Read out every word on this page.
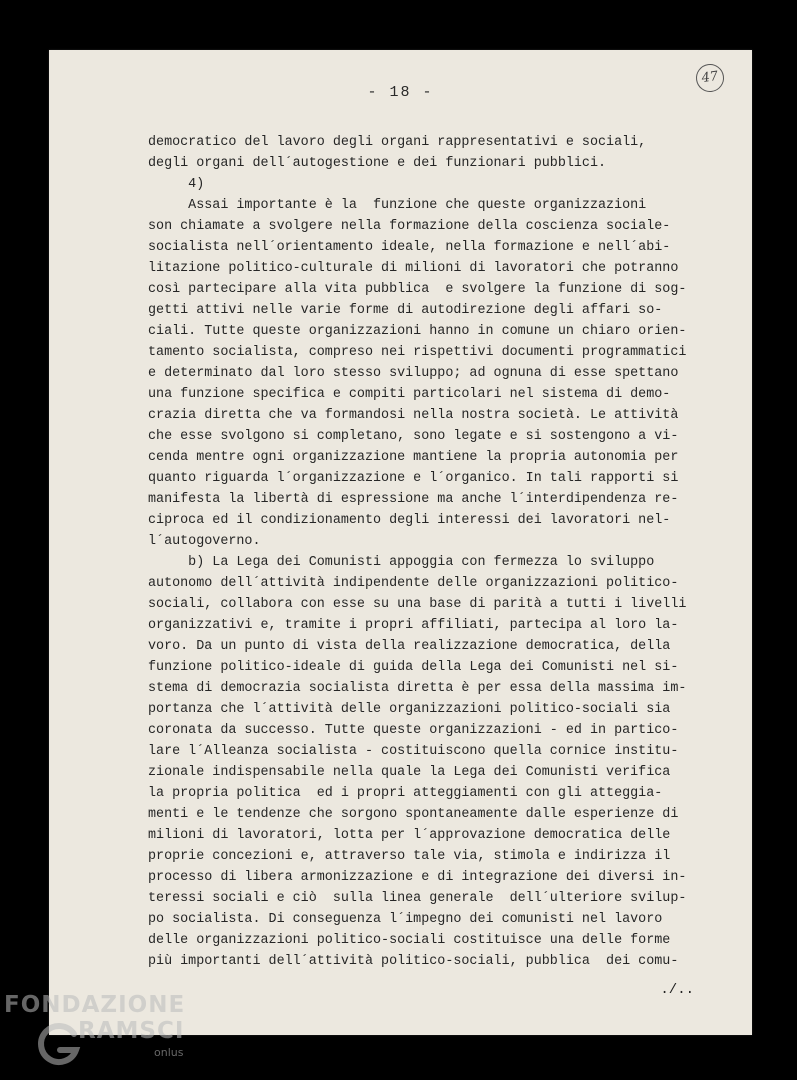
- 18 -
47
democratico del lavoro degli organi rappresentativi e sociali,
degli organi dell´autogestione e dei funzionari pubblici.
4)
Assai importante è la  funzione che queste organizzazioni
son chiamate a svolgere nella formazione della coscienza sociale-
socialista nell´orientamento ideale, nella formazione e nell´abi-
litazione politico-culturale di milioni di lavoratori che potranno
così partecipare alla vita pubblica  e svolgere la funzione di sog-
getti attivi nelle varie forme di autodirezione degli affari so-
ciali. Tutte queste organizzazioni hanno in comune un chiaro orien-
tamento socialista, compreso nei rispettivi documenti programmatici
e determinato dal loro stesso sviluppo; ad ognuna di esse spettano
una funzione specifica e compiti particolari nel sistema di demo-
crazia diretta che va formandosi nella nostra società. Le attività
che esse svolgono si completano, sono legate e si sostengono a vi-
cenda mentre ogni organizzazione mantiene la propria autonomia per
quanto riguarda l´organizzazione e l´organico. In tali rapporti si
manifesta la libertà di espressione ma anche l´interdipendenza re-
ciproca ed il condizionamento degli interessi dei lavoratori nel-
l´autogoverno.
b) La Lega dei Comunisti appoggia con fermezza lo sviluppo
autonomo dell´attività indipendente delle organizzazioni politico-
sociali, collabora con esse su una base di parità a tutti i livelli
organizzativi e, tramite i propri affiliati, partecipa al loro la-
voro. Da un punto di vista della realizzazione democratica, della
funzione politico-ideale di guida della Lega dei Comunisti nel si-
stema di democrazia socialista diretta è per essa della massima im-
portanza che l´attività delle organizzazioni politico-sociali sia
coronata da successo. Tutte queste organizzazioni - ed in partico-
lare l´Alleanza socialista - costituiscono quella cornice institu-
zionale indispensabile nella quale la Lega dei Comunisti verifica
la propria politica  ed i propri atteggiamenti con gli atteggia-
menti e le tendenze che sorgono spontaneamente dalle esperienze di
milioni di lavoratori, lotta per l´approvazione democratica delle
proprie concezioni e, attraverso tale via, stimola e indirizza il
processo di libera armonizzazione e di integrazione dei diversi in-
teressi sociali e ciò  sulla linea generale  dell´ulteriore svilup-
po socialista. Di conseguenza l´impegno dei comunisti nel lavoro
delle organizzazioni politico-sociali costituisce una delle forme
più importanti dell´attività politico-sociali, pubblica  dei comu-
./..
FONDAZIONE
RAMSCI
onlus
